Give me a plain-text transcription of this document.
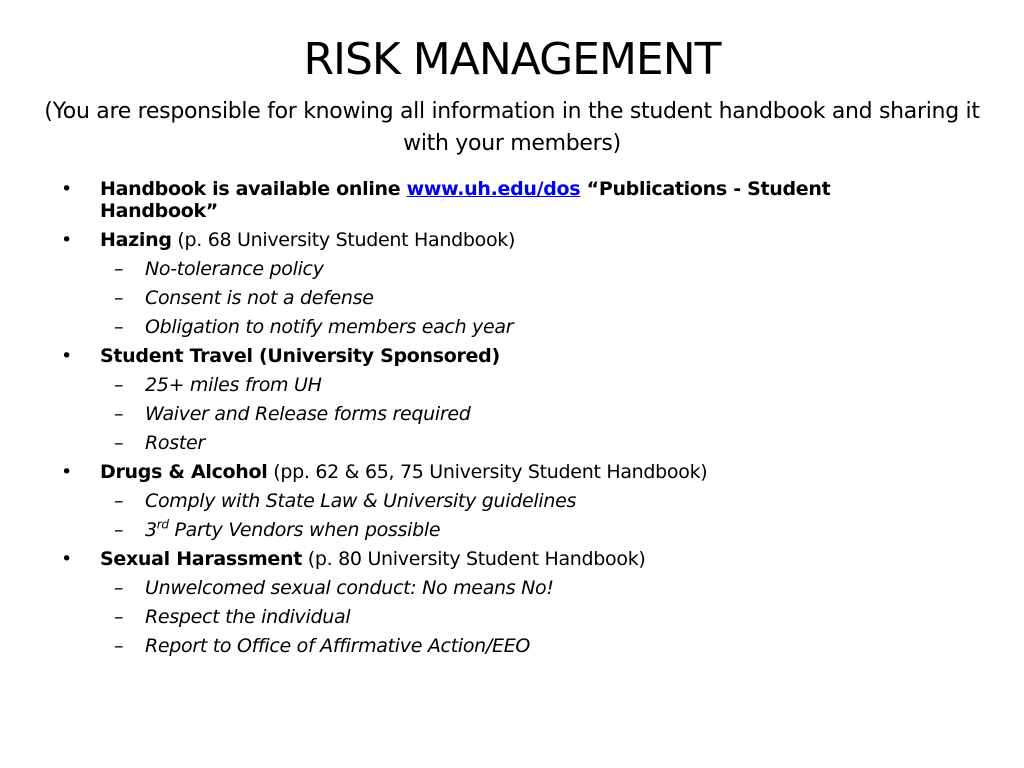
RISK MANAGEMENT
(You are responsible for knowing all information in the student handbook and sharing it with your members)
• Handbook is available online www.uh.edu/dos “Publications - Student Handbook”
• Hazing (p. 68 University Student Handbook)
– No-tolerance policy
– Consent is not a defense
– Obligation to notify members each year
• Student Travel (University Sponsored)
– 25+ miles from UH
– Waiver and Release forms required
– Roster
• Drugs & Alcohol (pp. 62 & 65, 75 University Student Handbook)
– Comply with State Law & University guidelines
– 3rd Party Vendors when possible
• Sexual Harassment (p. 80 University Student Handbook)
– Unwelcomed sexual conduct: No means No!
– Respect the individual
– Report to Office of Affirmative Action/EEO
